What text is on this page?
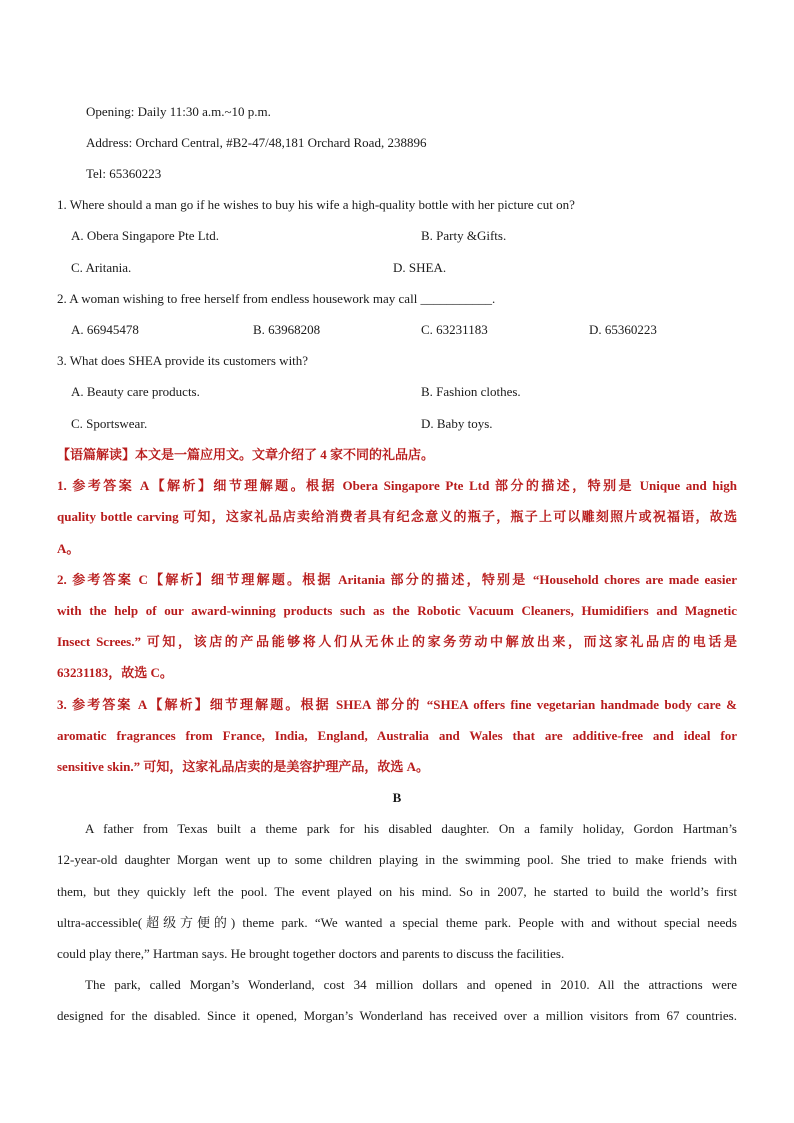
Opening: Daily 11:30 a.m.~10 p.m.
Address: Orchard Central, #B2-47/48,181 Orchard Road, 238896
Tel: 65360223
1. Where should a man go if he wishes to buy his wife a high-quality bottle with her picture cut on?
A. Obera Singapore Pte Ltd.	B. Party &Gifts.
C. Aritania.	D. SHEA.
2. A woman wishing to free herself from endless housework may call ___________.
A. 66945478	B. 63968208	C. 63231183	D. 65360223
3. What does SHEA provide its customers with?
A. Beauty care products.	B. Fashion clothes.
C. Sportswear.	D. Baby toys.
【语篇解读】本文是一篇应用文。文章介绍了 4 家不同的礼品店。
1. 参考答案 A【解析】细节理解题。根据 Obera Singapore Pte Ltd 部分的描述，特别是 Unique and high
quality bottle carving 可知，这家礼品店卖给消费者具有纪念意义的瓶子，瓶子上可以雕刻照片或祝福语，故选
A。
2. 参考答案 C【解析】细节理解题。根据 Aritania 部分的描述，特别是 “Household chores are made easier
with the help of our award-winning products such as the Robotic Vacuum Cleaners, Humidifiers and Magnetic
Insect Screes.” 可知，该店的产品能够将人们从无休止的家务劳动中解放出来，而这家礼品店的电话是
63231183，故选 C。
3. 参考答案 A【解析】细节理解题。根据 SHEA 部分的 “SHEA offers fine vegetarian handmade body care &
aromatic fragrances from France, India, England, Australia and Wales that are additive-free and ideal for
sensitive skin.” 可知，这家礼品店卖的是美容护理产品，故选 A。
B
A father from Texas built a theme park for his disabled daughter. On a family holiday, Gordon Hartman’s
12-year-old daughter Morgan went up to some children playing in the swimming pool. She tried to make friends with
them, but they quickly left the pool. The event played on his mind. So in 2007, he started to build the world’s first
ultra-accessible(超级方便的) theme park. “We wanted a special theme park. People with and without special needs
could play there,” Hartman says. He brought together doctors and parents to discuss the facilities.
The park, called Morgan’s Wonderland, cost 34 million dollars and opened in 2010. All the attractions were
designed for the disabled. Since it opened, Morgan’s Wonderland has received over a million visitors from 67 countries.
